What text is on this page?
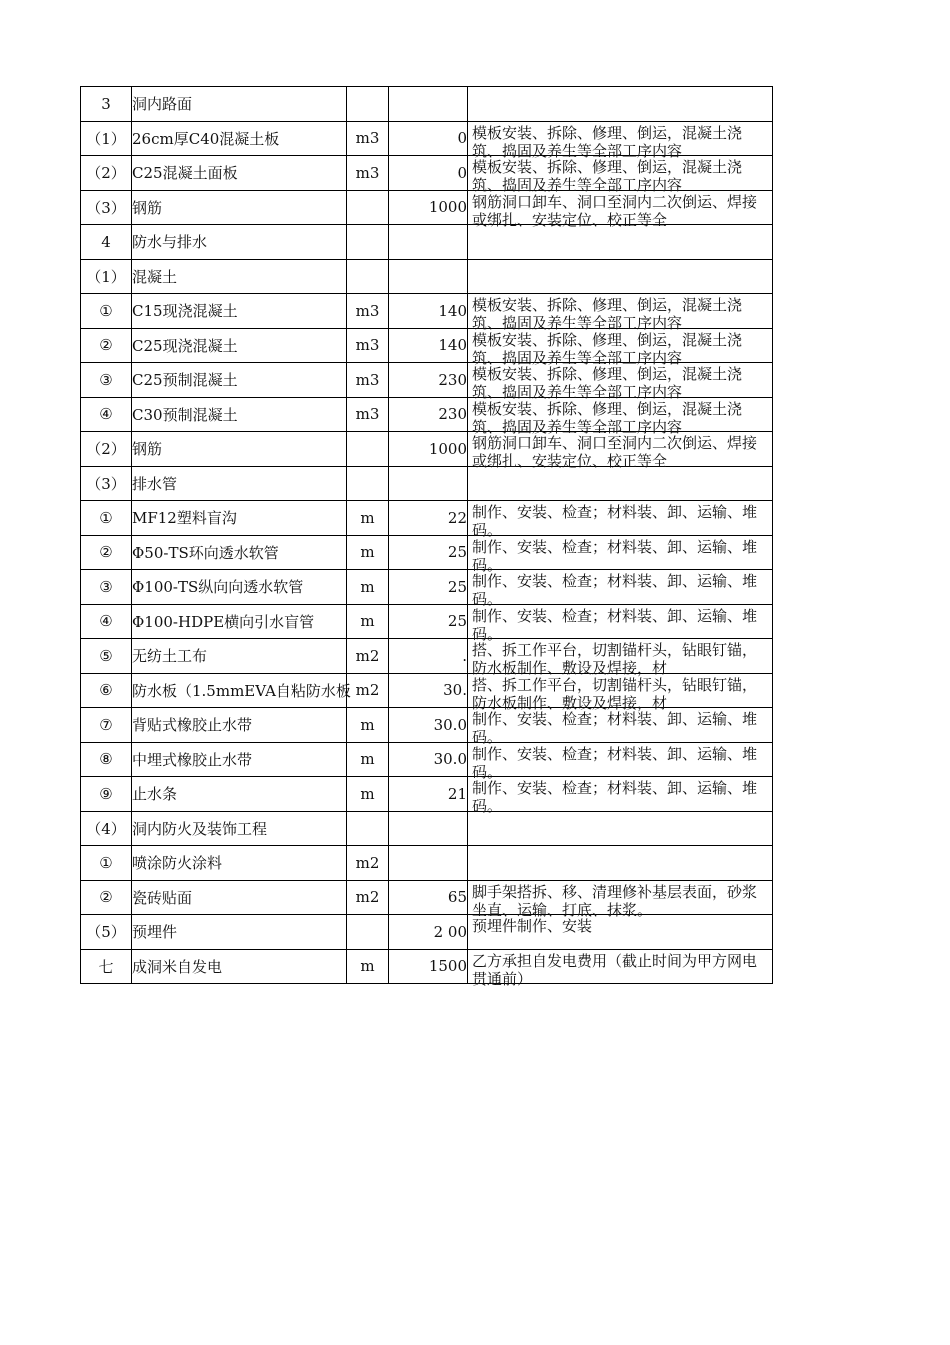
3	洞内路面			

（1）	26cm厚C40混凝土板	m3	0	模板安装、拆除、修理、倒运，混凝土浇筑、捣固及养生等全部工序内容

（2）	C25混凝土面板	m3	0	模板安装、拆除、修理、倒运，混凝土浇筑、捣固及养生等全部工序内容

（3）	钢筋		1000	钢筋洞口卸车、洞口至洞内二次倒运、焊接或绑扎、安装定位、校正等全

4	防水与排水			

（1）	混凝土			

①	C15现浇混凝土	m3	140	模板安装、拆除、修理、倒运，混凝土浇筑、捣固及养生等全部工序内容

②	C25现浇混凝土	m3	140	模板安装、拆除、修理、倒运，混凝土浇筑、捣固及养生等全部工序内容

③	C25预制混凝土	m3	230	模板安装、拆除、修理、倒运，混凝土浇筑、捣固及养生等全部工序内容

④	C30预制混凝土	m3	230	模板安装、拆除、修理、倒运，混凝土浇筑、捣固及养生等全部工序内容

（2）	钢筋		1000	钢筋洞口卸车、洞口至洞内二次倒运、焊接或绑扎、安装定位、校正等全

（3）	排水管			

①	MF12塑料盲沟	m	22	制作、安装、检查；材料装、卸、运输、堆码。

②	Φ50-TS环向透水软管	m	25	制作、安装、检查；材料装、卸、运输、堆码。

③	Φ100-TS纵向向透水软管	m	25	制作、安装、检查；材料装、卸、运输、堆码。

④	Φ100-HDPE横向引水盲管	m	25	制作、安装、检查；材料装、卸、运输、堆码。

⑤	无纺土工布	m2	.	搭、拆工作平台，切割锚杆头，钻眼钉锚，防水板制作、敷设及焊接，材

⑥	防水板（1.5mmEVA自粘防水板	m2	30.	搭、拆工作平台，切割锚杆头，钻眼钉锚，防水板制作、敷设及焊接，材

⑦	背贴式橡胶止水带	m	30.0	制作、安装、检查；材料装、卸、运输、堆码。

⑧	中埋式橡胶止水带	m	30.0	制作、安装、检查；材料装、卸、运输、堆码。

⑨	止水条	m	21	制作、安装、检查；材料装、卸、运输、堆码。

（4）	洞内防火及装饰工程			

①	喷涂防火涂料	m2		

②	瓷砖贴面	m2	65	脚手架搭拆、移、清理修补基层表面，砂浆坐直、运输、打底、抹浆。

（5）	预埋件		2 00	预埋件制作、安装

七	成洞米自发电	m	1500	乙方承担自发电费用（截止时间为甲方网电贯通前）
